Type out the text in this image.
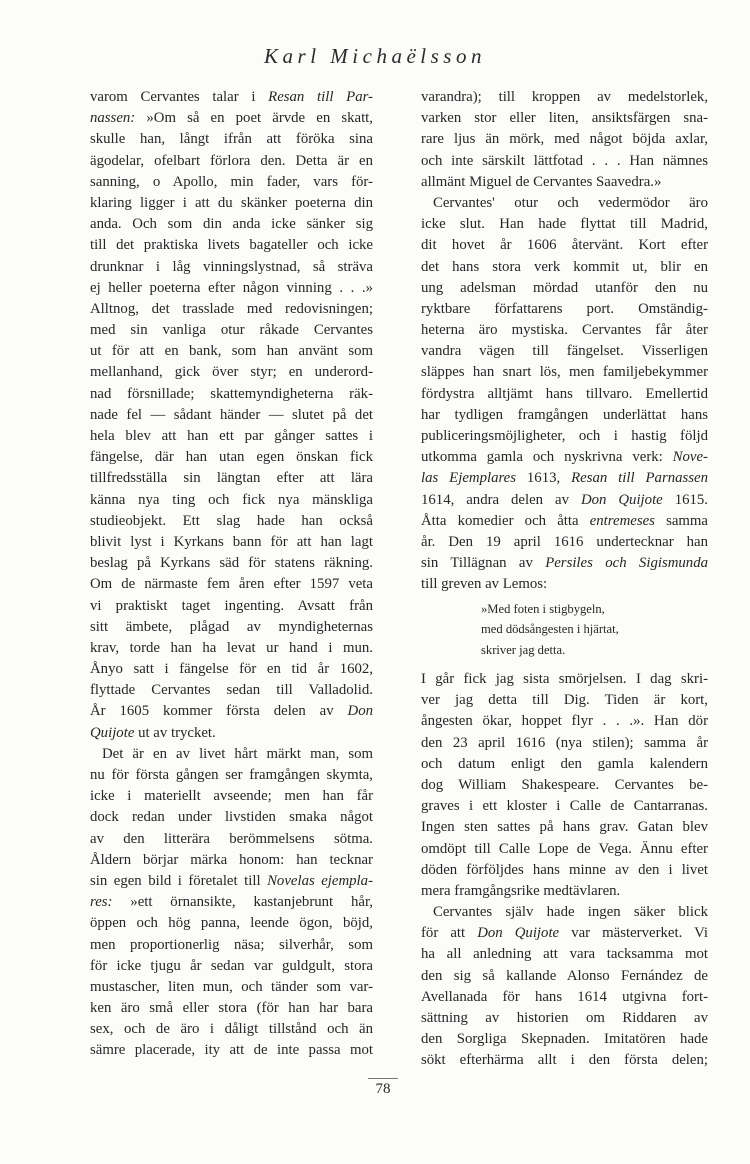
Karl Michaëlsson
varom Cervantes talar i Resan till Par-
nassen: »Om så en poet ärvde en skatt,
skulle han, långt ifrån att föröka sina
ägodelar, ofelbart förlora den. Detta är en
sanning, o Apollo, min fader, vars för-
klaring ligger i att du skänker poeterna din
anda. Och som din anda icke sänker sig
till det praktiska livets bagateller och icke
drunknar i låg vinningslystnad, så sträva
ej heller poeterna efter någon vinning . . .»
Alltnog, det trasslade med redovisningen;
med sin vanliga otur råkade Cervantes
ut för att en bank, som han använt som
mellanhand, gick över styr; en underord-
nad försnillade; skattemyndigheterna räk-
nade fel — sådant händer — slutet på det
hela blev att han ett par gånger sattes i
fängelse, där han utan egen önskan fick
tillfredsställa sin längtan efter att lära
känna nya ting och fick nya mänskliga
studieobjekt. Ett slag hade han också
blivit lyst i Kyrkans bann för att han lagt
beslag på Kyrkans säd för statens räkning.
Om de närmaste fem åren efter 1597 veta
vi praktiskt taget ingenting. Avsatt från
sitt ämbete, plågad av myndigheternas
krav, torde han ha levat ur hand i mun.
Ånyo satt i fängelse för en tid år 1602,
flyttade Cervantes sedan till Valladolid.
År 1605 kommer första delen av Don
Quijote ut av trycket.
Det är en av livet hårt märkt man, som
nu för första gången ser framgången skymta,
icke i materiellt avseende; men han får
dock redan under livstiden smaka något
av den litterära berömmelsens sötma.
Åldern börjar märka honom: han tecknar
sin egen bild i företalet till Novelas ejempla-
res: »ett örnansikte, kastanjebrunt hår,
öppen och hög panna, leende ögon, böjd,
men proportionerlig näsa; silverhår, som
för icke tjugu år sedan var guldgult, stora
mustascher, liten mun, och tänder som var-
ken äro små eller stora (för han har bara
sex, och de äro i dåligt tillstånd och än
sämre placerade, ity att de inte passa mot
varandra); till kroppen av medelstorlek,
varken stor eller liten, ansiktsfärgen sna-
rare ljus än mörk, med något böjda axlar,
och inte särskilt lättfotad . . . Han nämnes
allmänt Miguel de Cervantes Saavedra.»
Cervantes' otur och vedermödor äro
icke slut. Han hade flyttat till Madrid,
dit hovet år 1606 återvänt. Kort efter
det hans stora verk kommit ut, blir en
ung adelsman mördad utanför den nu
ryktbare författarens port. Omständig-
heterna äro mystiska. Cervantes får åter
vandra vägen till fängelset. Visserligen
släppes han snart lös, men familjebekymmer
fördystra alltjämt hans tillvaro. Emellertid
har tydligen framgången underlättat hans
publiceringsmöjligheter, och i hastig följd
utkomma gamla och nyskrivna verk: Nove-
las Ejemplares 1613, Resan till Parnassen
1614, andra delen av Don Quijote 1615.
Åtta komedier och åtta entremeses samma
år. Den 19 april 1616 undertecknar han
sin Tillägnan av Persiles och Sigismunda
till greven av Lemos:
»Med foten i stigbygeln,
med dödsångesten i hjärtat,
skriver jag detta.
I går fick jag sista smörjelsen. I dag skri-
ver jag detta till Dig. Tiden är kort,
ångesten ökar, hoppet flyr . . .». Han dör
den 23 april 1616 (nya stilen); samma år
och datum enligt den gamla kalendern
dog William Shakespeare. Cervantes be-
graves i ett kloster i Calle de Cantarranas.
Ingen sten sattes på hans grav. Gatan blev
omdöpt till Calle Lope de Vega. Ännu efter
döden förföljdes hans minne av den i livet
mera framgångsrike medtävlaren.
Cervantes själv hade ingen säker blick
för att Don Quijote var mästerverket. Vi
ha all anledning att vara tacksamma mot
den sig så kallande Alonso Fernández de
Avellanada för hans 1614 utgivna fort-
sättning av historien om Riddaren av
den Sorgliga Skepnaden. Imitatören hade
sökt efterhärma allt i den första delen;
78
